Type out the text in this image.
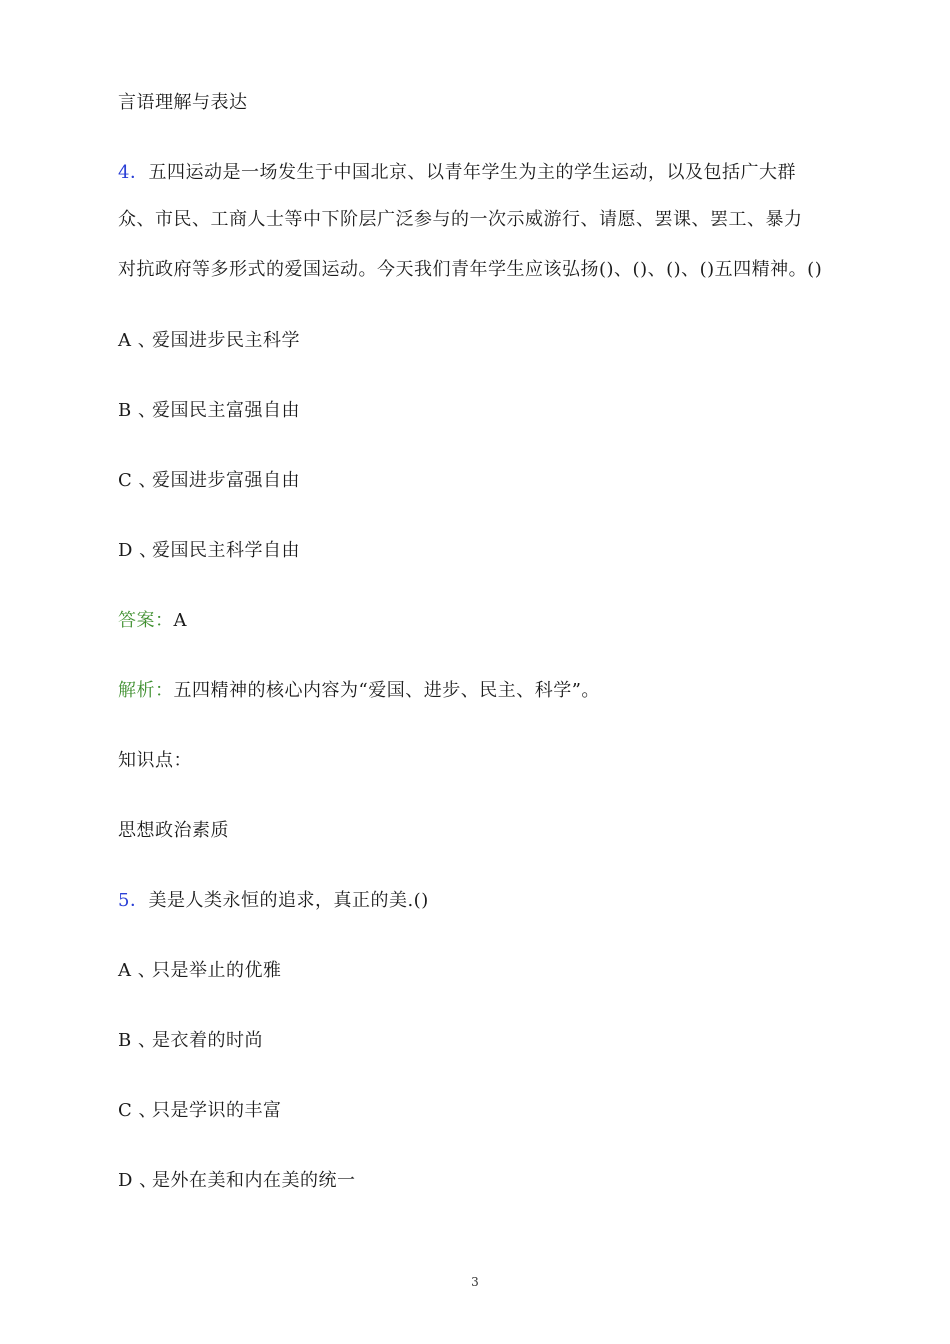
言语理解与表达
4．五四运动是一场发生于中国北京、以青年学生为主的学生运动，以及包括广大群
众、市民、工商人士等中下阶层广泛参与的一次示威游行、请愿、罢课、罢工、暴力
对抗政府等多形式的爱国运动。今天我们青年学生应该弘扬()、()、()、()五四精神。()
A 、爱国进步民主科学
B 、爱国民主富强自由
C 、爱国进步富强自由
D 、爱国民主科学自由
答案：A
解析：五四精神的核心内容为“爱国、进步、民主、科学”。
知识点：
思想政治素质
5．美是人类永恒的追求，真正的美.()
A 、只是举止的优雅
B 、是衣着的时尚
C 、只是学识的丰富
D 、是外在美和内在美的统一
3
